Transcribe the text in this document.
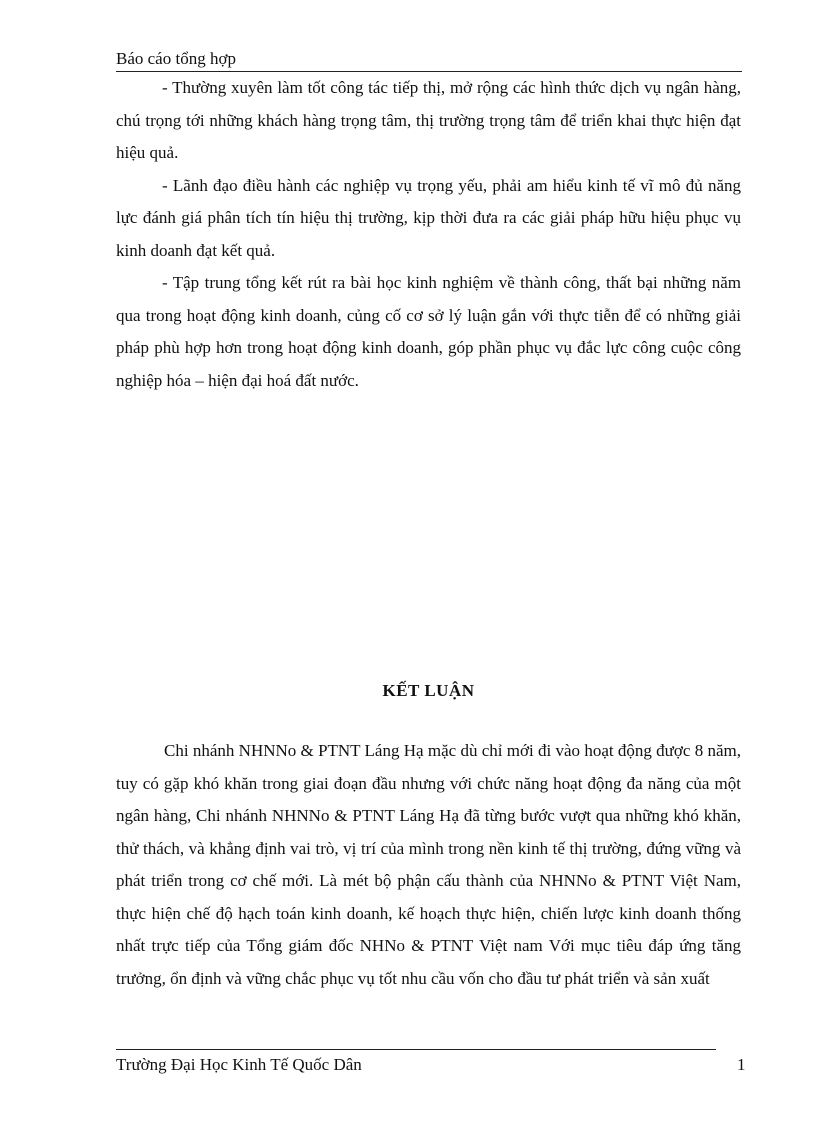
Báo cáo tổng hợp

- Thường xuyên làm tốt công tác tiếp thị, mở rộng các hình thức dịch vụ ngân hàng, chú trọng tới những khách hàng trọng tâm, thị trường trọng tâm để triển khai thực hiện đạt hiệu quả.

- Lãnh đạo điều hành các nghiệp vụ trọng yếu, phải am hiểu kinh tế vĩ mô đủ năng lực đánh giá phân tích tín hiệu thị trường, kịp thời đưa ra các giải pháp hữu hiệu phục vụ kinh doanh đạt kết quả.

- Tập trung tổng kết rút ra bài học kinh nghiệm về thành công, thất bại những năm qua trong hoạt động kinh doanh, củng cố cơ sở lý luận gắn với thực tiễn để có những giải pháp phù hợp hơn trong hoạt động kinh doanh, góp phần phục vụ đắc lực công cuộc công nghiệp hóa – hiện đại hoá đất nước.

KẾT LUẬN

Chi nhánh NHNNo & PTNT Láng Hạ mặc dù chỉ mới đi vào hoạt động được 8 năm, tuy có gặp khó khăn trong giai đoạn đầu nhưng với chức năng hoạt động đa năng của một ngân hàng, Chi nhánh NHNNo & PTNT Láng Hạ đã từng bước vượt qua những khó khăn, thử thách, và khẳng định vai trò, vị trí của mình trong nền kinh tế thị trường, đứng vững và phát triển trong cơ chế mới. Là mét bộ phận cấu thành của NHNNo & PTNT Việt Nam, thực hiện chế độ hạch toán kinh doanh, kế hoạch thực hiện, chiến lược kinh doanh thống nhất trực tiếp của Tổng giám đốc NHNo & PTNT Việt nam Với mục tiêu đáp ứng tăng trưởng, ổn định và vững chắc phục vụ tốt nhu cầu vốn cho đầu tư phát triển và sản xuất

Trường Đại Học Kinh Tế Quốc Dân	1
